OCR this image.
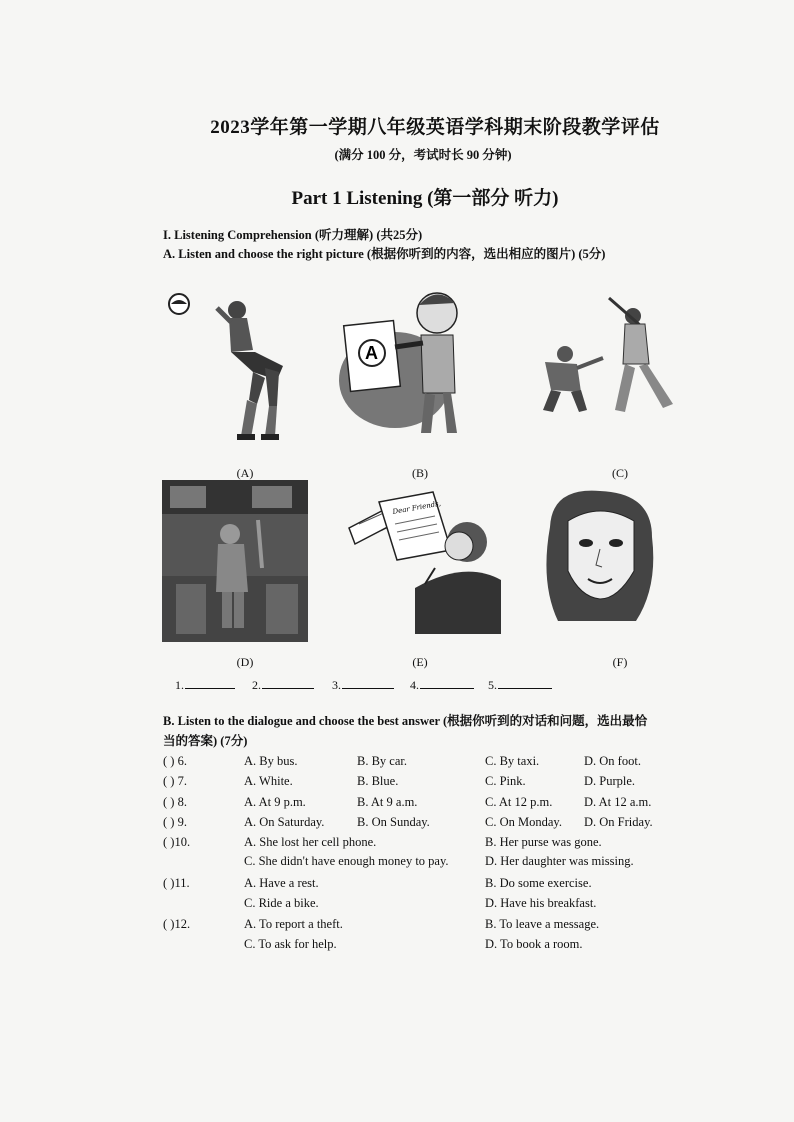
2023学年第一学期八年级英语学科期末阶段教学评估
(满分 100 分，考试时长 90 分钟)
Part 1 Listening (第一部分 听力)
I. Listening Comprehension (听力理解) (共25分)
A. Listen and choose the right picture (根据你听到的内容，选出相应的图片) (5分)
(A)
A
(B)	(C)
(D)
Dear Friends,
(E)	(F)
1.	2.	3.	4.	5.
B. Listen to the dialogue and choose the best answer (根据你听到的对话和问题，选出最恰
当的答案) (7分)
( ) 6.	A. By bus.	B. By car.	C. By taxi.	D. On foot.
( ) 7.	A. White.	B. Blue.	C. Pink.	D. Purple.
( ) 8.	A. At 9 p.m.	B. At 9 a.m.	C. At 12 p.m.	D. At 12 a.m.
( ) 9.	A. On Saturday.	B. On Sunday.	C. On Monday. D. On Friday.
( )10.	A. She lost her cell phone.	B. Her purse was gone.
C. She didn't have enough money to pay.	D. Her daughter was missing.
( )11.	A. Have a rest.	B. Do some exercise.
C. Ride a bike.	D. Have his breakfast.
( )12.	A. To report a theft.	B. To leave a message.
C. To ask for help.	D. To book a room.
